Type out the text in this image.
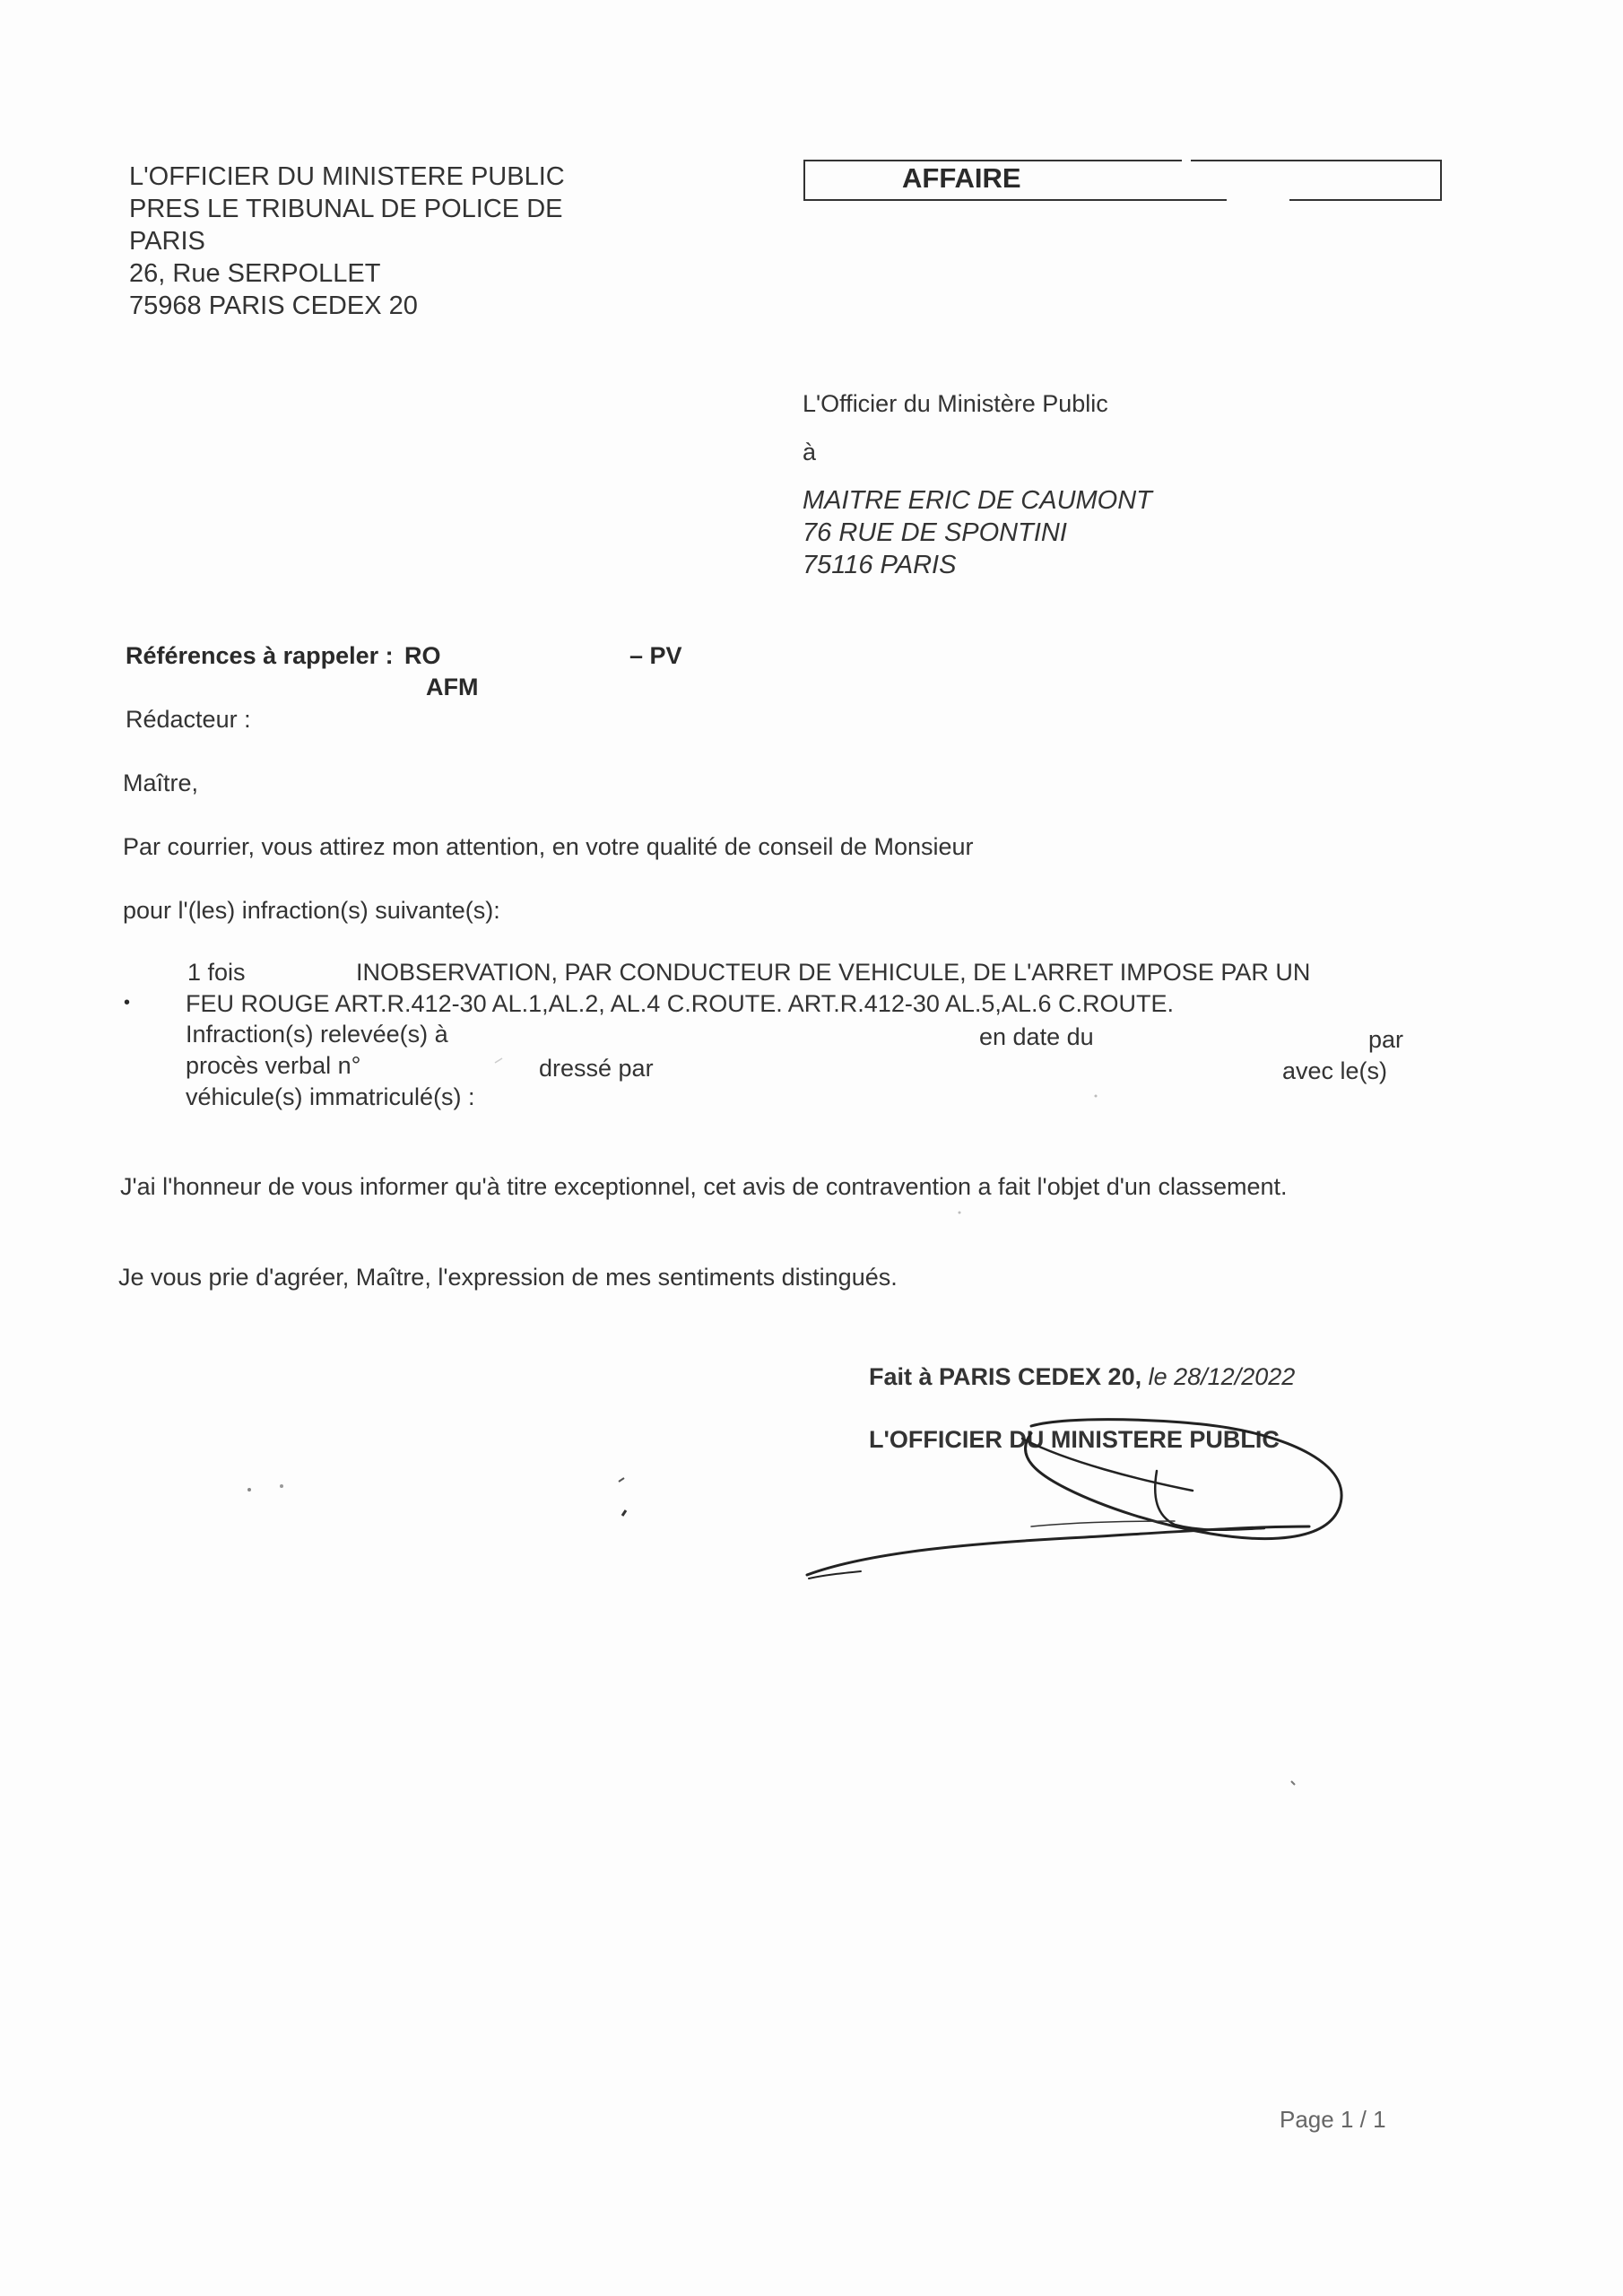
L'OFFICIER DU MINISTERE PUBLIC
PRES LE TRIBUNAL DE POLICE DE
PARIS
26, Rue SERPOLLET
75968 PARIS CEDEX 20
AFFAIRE
L'Officier du Ministère Public
à
MAITRE ERIC DE CAUMONT
76 RUE DE SPONTINI
75116 PARIS
Références à rappeler : RO	– PV
AFM
Rédacteur :
Maître,
Par courrier, vous attirez mon attention, en votre qualité de conseil de Monsieur
pour l'(les) infraction(s) suivante(s):
1 fois	INOBSERVATION, PAR CONDUCTEUR DE VEHICULE, DE L'ARRET IMPOSE PAR UN
• FEU ROUGE ART.R.412-30 AL.1,AL.2, AL.4 C.ROUTE. ART.R.412-30 AL.5,AL.6 C.ROUTE.
Infraction(s) relevée(s) à	en date du	par
procès verbal n°	dressé par	avec le(s)
véhicule(s) immatriculé(s) :
J'ai l'honneur de vous informer qu'à titre exceptionnel, cet avis de contravention a fait l'objet d'un classement.
Je vous prie d'agréer, Maître, l'expression de mes sentiments distingués.
Fait à PARIS CEDEX 20, le 28/12/2022
L'OFFICIER DU MINISTERE PUBLIC
Page 1 / 1
